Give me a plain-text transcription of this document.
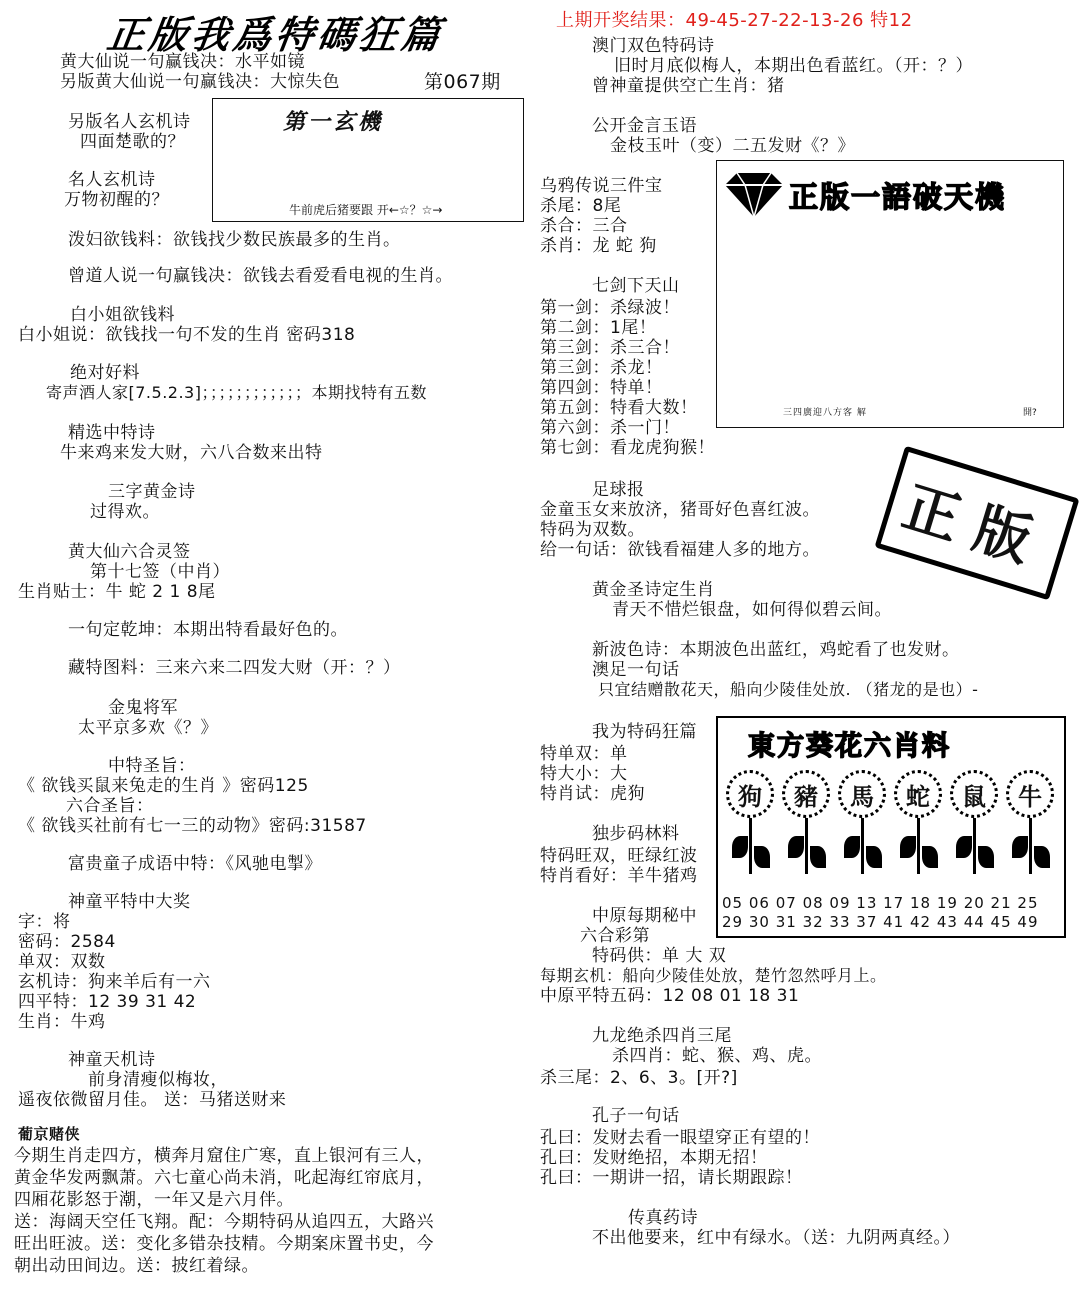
正版我爲特碼狂篇	上期开奖结果：49-45-27-22-13-26 特12
第067期
黄大仙说一句赢钱决：水平如镜
另版黄大仙说一句赢钱决：大惊失色
另版名人玄机诗
四面楚歌的？
名人玄机诗
万物初醒的？
泼妇欲钱料：欲钱找少数民族最多的生肖。
曾道人说一句赢钱决：欲钱去看爱看电视的生肖。
白小姐欲钱料
白小姐说：欲钱找一句不发的生肖 密码318
绝对好料
寄声酒人家[7.5.2.3]；；；；；；；；；；；；本期找特有五数
精选中特诗
牛来鸡来发大财，六八合数来出特
三字黄金诗
过得欢。
黄大仙六合灵签
第十七签（中肖）
生肖贴士：牛 蛇 2 1 8尾
一句定乾坤：本期出特看最好色的。
藏特图料：三来六来二四发大财（开：？）
金鬼将军
太平京多欢《？》
中特圣旨：
《 欲钱买鼠来兔走的生肖 》密码125
六合圣旨：
《 欲钱买社前有七一三的动物》密码:31587
富贵童子成语中特：《风驰电掣》
神童平特中大奖
字：将
密码：2584
单双：双数
玄机诗：狗来羊后有一六
四平特：12 39 31 42
生肖：牛鸡
神童天机诗
前身清瘦似梅妆，
遥夜依微留月佳。 送：马猪送财来
葡京赌侠
今期生肖走四方，横奔月窟住广寒，直上银河有三人，
黄金华发两飘萧。六七童心尚未消，叱起海红帘底月，
四厢花影怒于潮，一年又是六月伴。
送：海阔天空任飞翔。配：今期特码从追四五，大路兴
旺出旺波。送：变化多错杂技精。今期案床置书史，今
朝出动田间边。送：披红着绿。
第一玄機
牛前虎后猪要跟 开←☆？☆→
澳门双色特码诗
旧时月底似梅人，本期出色看蓝红。（开：？）
曾神童提供空亡生肖：猪
公开金言玉语
金枝玉叶（变）二五发财《？》
乌鸦传说三件宝
杀尾：8尾
杀合：三合
杀肖：龙 蛇 狗
七剑下天山
第一剑：杀绿波！
第二剑：1尾！
第三剑：杀三合！
第三剑：杀龙！
第四剑：特单！
第五剑：特看大数！
第六剑：杀一门！
第七剑：看龙虎狗猴！
足球报
金童玉女来放济，猪哥好色喜红波。
特码为双数。
给一句话：欲钱看福建人多的地方。
黄金圣诗定生肖
青天不惜烂银盘，如何得似碧云间。
新波色诗：本期波色出蓝红，鸡蛇看了也发财。
澳足一句话
只宜结赠散花天，船向少陵佳处放. （猪龙的是也）-
我为特码狂篇
特单双：单
特大小：大
特肖试：虎狗
独步码林料
特码旺双，旺绿红波
特肖看好：羊牛猪鸡
中原每期秘中
六合彩第
特码供：单 大 双
每期玄机：船向少陵佳处放，楚竹忽然呼月上。
中原平特五码：12 08 01 18 31
九龙绝杀四肖三尾
杀四肖：蛇、猴、鸡、虎。
杀三尾：2、6、3。[开?]
孔子一句话
孔曰：发财去看一眼望穿正有望的！
孔曰：发财绝招，本期无招！
孔曰：一期讲一招，请长期跟踪！
传真药诗
不出他要来，红中有绿水。（送：九阴两真经。）
正版一語破天機
三四廣迎八方客 解	開?
正版
東方葵花六肖料
狗	豬	馬	蛇	鼠	牛
05 06 07 08 09 13 17 18 19 20 21 25
29 30 31 32 33 37 41 42 43 44 45 49
